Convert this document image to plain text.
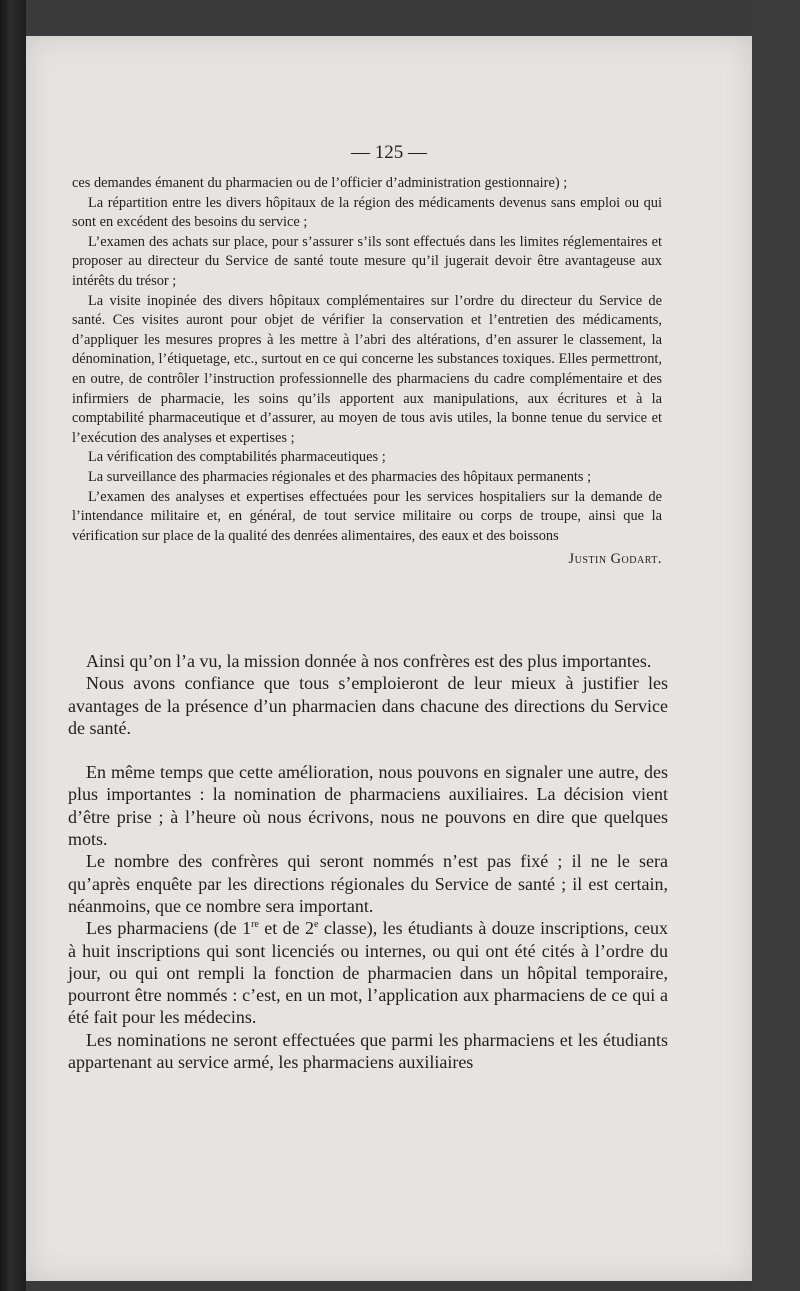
— 125 —

ces demandes émanent du pharmacien ou de l’officier d’administration gestionnaire) ;

La répartition entre les divers hôpitaux de la région des médicaments devenus sans emploi ou qui sont en excédent des besoins du service ;

L’examen des achats sur place, pour s’assurer s’ils sont effectués dans les limites réglementaires et proposer au directeur du Service de santé toute mesure qu’il jugerait devoir être avantageuse aux intérêts du trésor ;

La visite inopinée des divers hôpitaux complémentaires sur l’ordre du directeur du Service de santé. Ces visites auront pour objet de vérifier la conservation et l’entretien des médicaments, d’appliquer les mesures propres à les mettre à l’abri des altérations, d’en assurer le classement, la dénomination, l’étiquetage, etc., surtout en ce qui concerne les substances toxiques. Elles permettront, en outre, de contrôler l’instruction professionnelle des pharmaciens du cadre complémentaire et des infirmiers de pharmacie, les soins qu’ils apportent aux manipulations, aux écritures et à la comptabilité pharmaceutique et d’assurer, au moyen de tous avis utiles, la bonne tenue du service et l’exécution des analyses et expertises ;

La vérification des comptabilités pharmaceutiques ;

La surveillance des pharmacies régionales et des pharmacies des hôpitaux permanents ;

L’examen des analyses et expertises effectuées pour les services hospitaliers sur la demande de l’intendance militaire et, en général, de tout service militaire ou corps de troupe, ainsi que la vérification sur place de la qualité des denrées alimentaires, des eaux et des boissons

Justin Godart.

Ainsi qu’on l’a vu, la mission donnée à nos confrères est des plus importantes.

Nous avons confiance que tous s’emploieront de leur mieux à justifier les avantages de la présence d’un pharmacien dans chacune des directions du Service de santé.

En même temps que cette amélioration, nous pouvons en signaler une autre, des plus importantes : la nomination de pharmaciens auxiliaires. La décision vient d’être prise ; à l’heure où nous écrivons, nous ne pouvons en dire que quelques mots.

Le nombre des confrères qui seront nommés n’est pas fixé ; il ne le sera qu’après enquête par les directions régionales du Service de santé ; il est certain, néanmoins, que ce nombre sera important.

Les pharmaciens (de 1re et de 2e classe), les étudiants à douze inscriptions, ceux à huit inscriptions qui sont licenciés ou internes, ou qui ont été cités à l’ordre du jour, ou qui ont rempli la fonction de pharmacien dans un hôpital temporaire, pourront être nommés : c’est, en un mot, l’application aux pharmaciens de ce qui a été fait pour les médecins.

Les nominations ne seront effectuées que parmi les pharmaciens et les étudiants appartenant au service armé, les pharmaciens auxiliaires
